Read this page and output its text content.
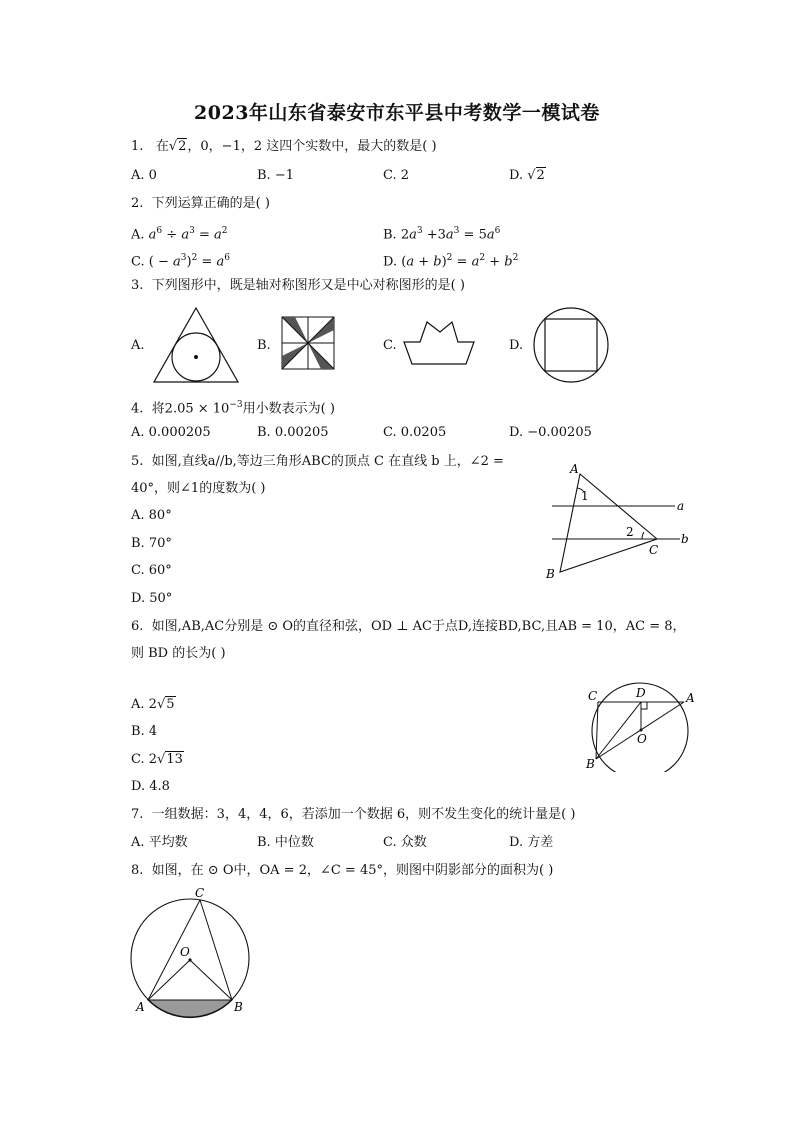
2023年山东省泰安市东平县中考数学一模试卷
1. 在√2，0，−1，2 这四个实数中，最大的数是( )
A. 0	B. −1	C. 2	D. √2
2. 下列运算正确的是( )
A. $a^6 \div a^3 = a^2$	B. $2a^3 +3a^3 = 5a^6$
C. ( − $a^3)^2 = a^6$	D. $(a + b)^2 = a^2 + b^2$
3. 下列图形中，既是轴对称图形又是中心对称图形的是( )
A.	B.	C.	D.
4. 将$2.05 \times 10^{-3}$用小数表示为( )
A. 0.000205	B. 0.00205	C. 0.0205	D. −0.00205
5. 如图,直线a//b,等边三角形ABC的顶点 C 在直线 b 上，∠2 =
40°，则∠1的度数为( )
A. 80°
B. 70°
C. 60°
D. 50°
A
B
C
a
b
1
2
6. 如图,AB,AC分别是 ⊙ O的直径和弦，OD ⊥ AC于点D,连接BD,BC,且AB = 10，AC = 8，
则 BD 的长为( )
A. 2√5
B. 4
C. 2√13
D. 4.8
C	D	A
O
B
7. 一组数据：3，4，4，6，若添加一个数据 6，则不发生变化的统计量是( )
A. 平均数	B. 中位数	C. 众数	D. 方差
8. 如图，在 ⊙ O中，OA = 2，∠C = 45°，则图中阴影部分的面积为( )
C
O
A	B
